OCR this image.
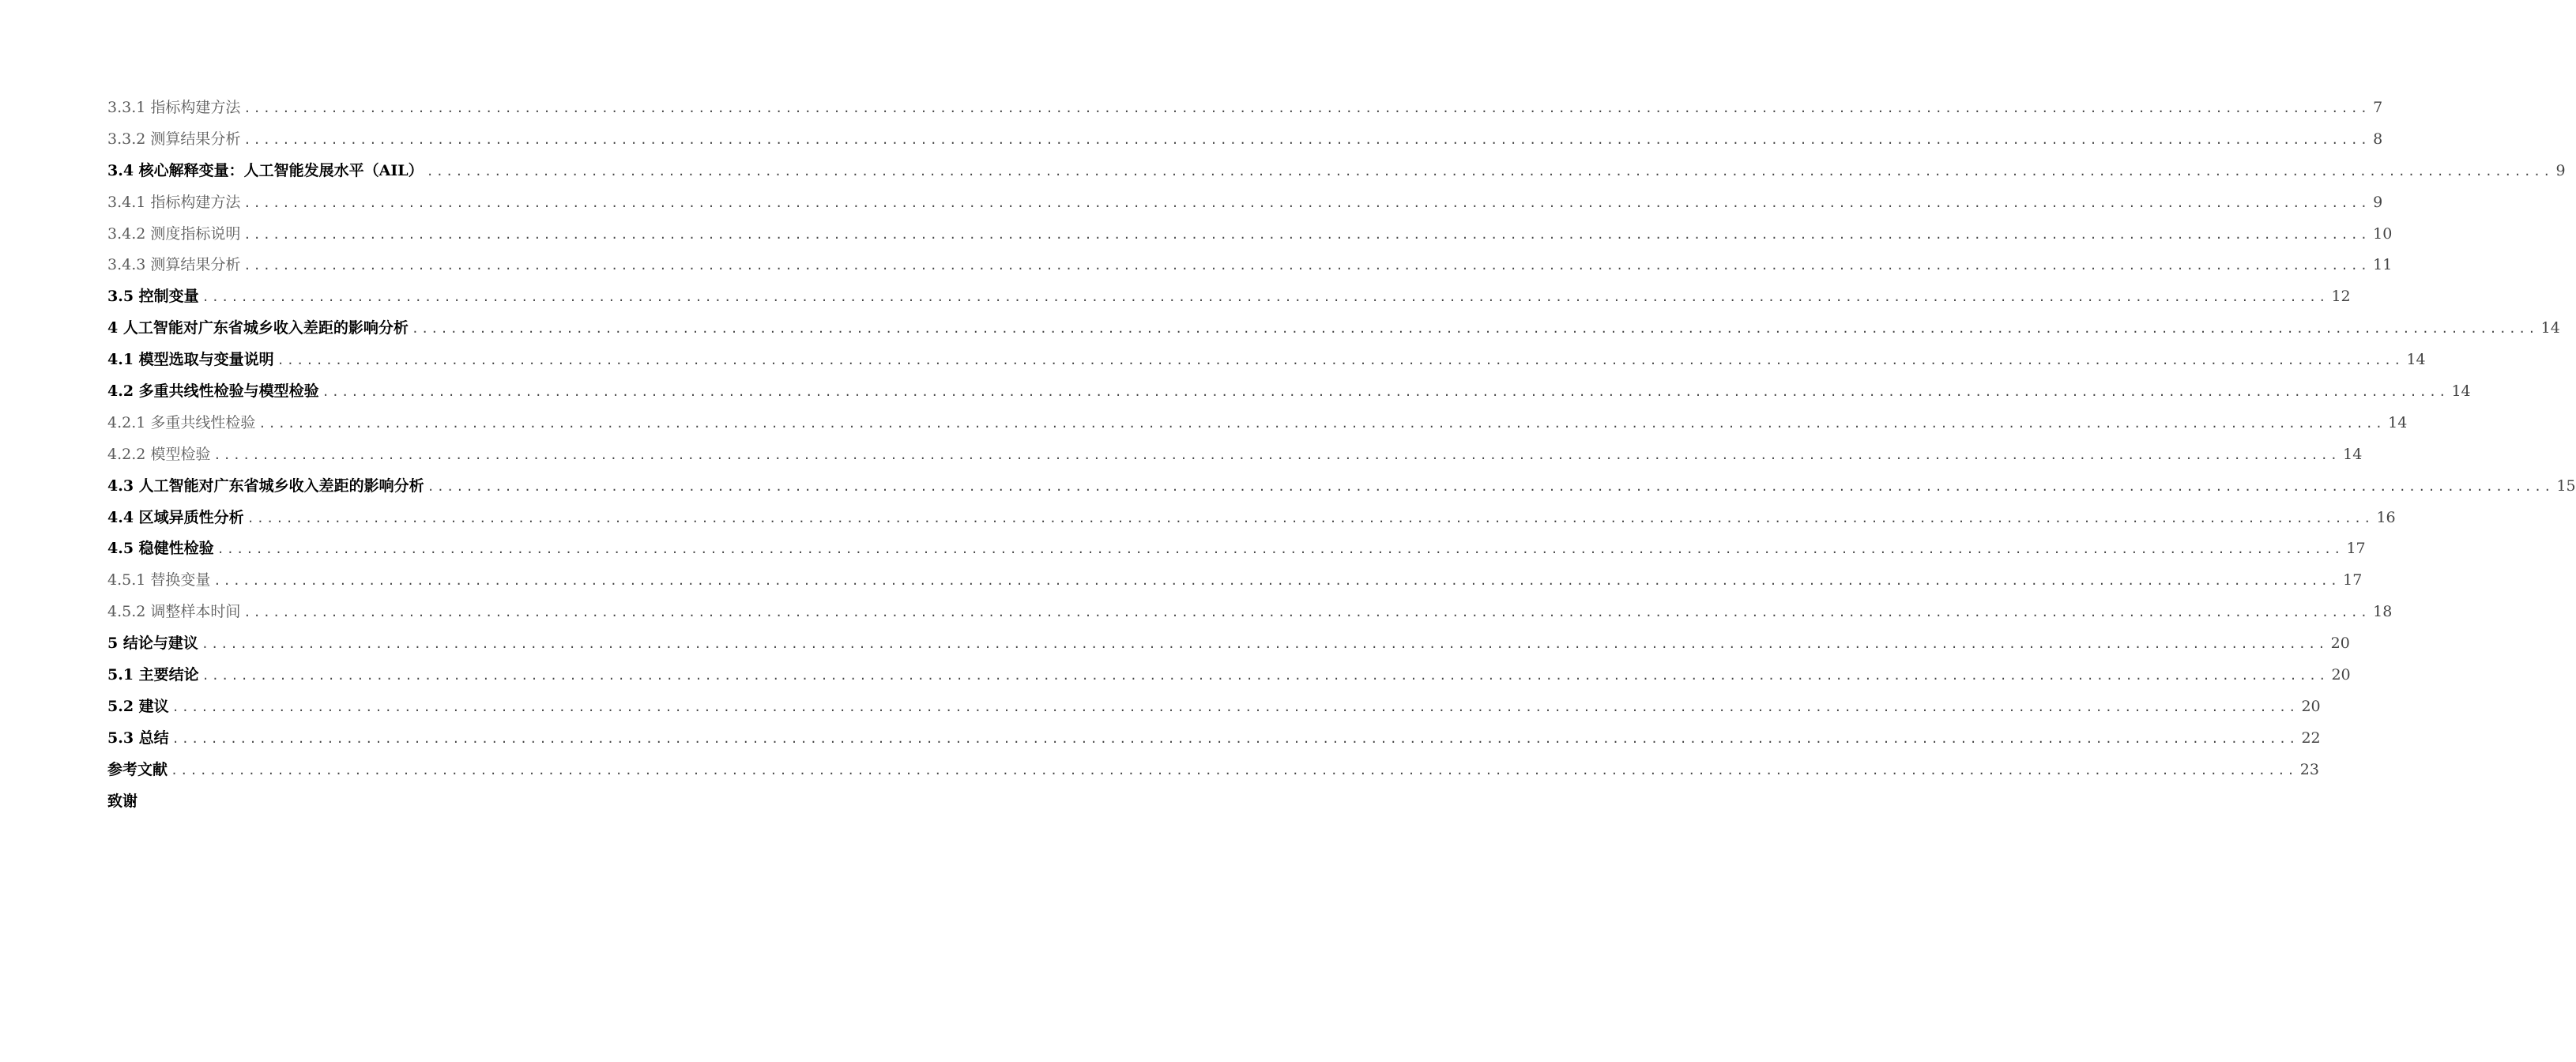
3.3.1 指标构建方法 ............................................................................................................................................................................................................................ 7
3.3.2 测算结果分析 ............................................................................................................................................................................................................................ 8
3.4 核心解释变量：人工智能发展水平（AIL） ............................................................................................................................................................................................................................ 9
3.4.1 指标构建方法 ............................................................................................................................................................................................................................ 9
3.4.2 测度指标说明 ............................................................................................................................................................................................................................ 10
3.4.3 测算结果分析 ............................................................................................................................................................................................................................ 11
3.5 控制变量 ............................................................................................................................................................................................................................ 12
4 人工智能对广东省城乡收入差距的影响分析 ............................................................................................................................................................................................................................ 14
4.1 模型选取与变量说明 ............................................................................................................................................................................................................................ 14
4.2 多重共线性检验与模型检验 ............................................................................................................................................................................................................................ 14
4.2.1 多重共线性检验 ............................................................................................................................................................................................................................ 14
4.2.2 模型检验 ............................................................................................................................................................................................................................ 14
4.3 人工智能对广东省城乡收入差距的影响分析 ............................................................................................................................................................................................................................ 15
4.4 区域异质性分析 ............................................................................................................................................................................................................................ 16
4.5 稳健性检验 ............................................................................................................................................................................................................................ 17
4.5.1 替换变量 ............................................................................................................................................................................................................................ 17
4.5.2 调整样本时间 ............................................................................................................................................................................................................................ 18
5 结论与建议 ............................................................................................................................................................................................................................ 20
5.1 主要结论 ............................................................................................................................................................................................................................ 20
5.2 建议 ............................................................................................................................................................................................................................ 20
5.3 总结 ............................................................................................................................................................................................................................ 22
参考文献 ............................................................................................................................................................................................................................ 23
致谢
